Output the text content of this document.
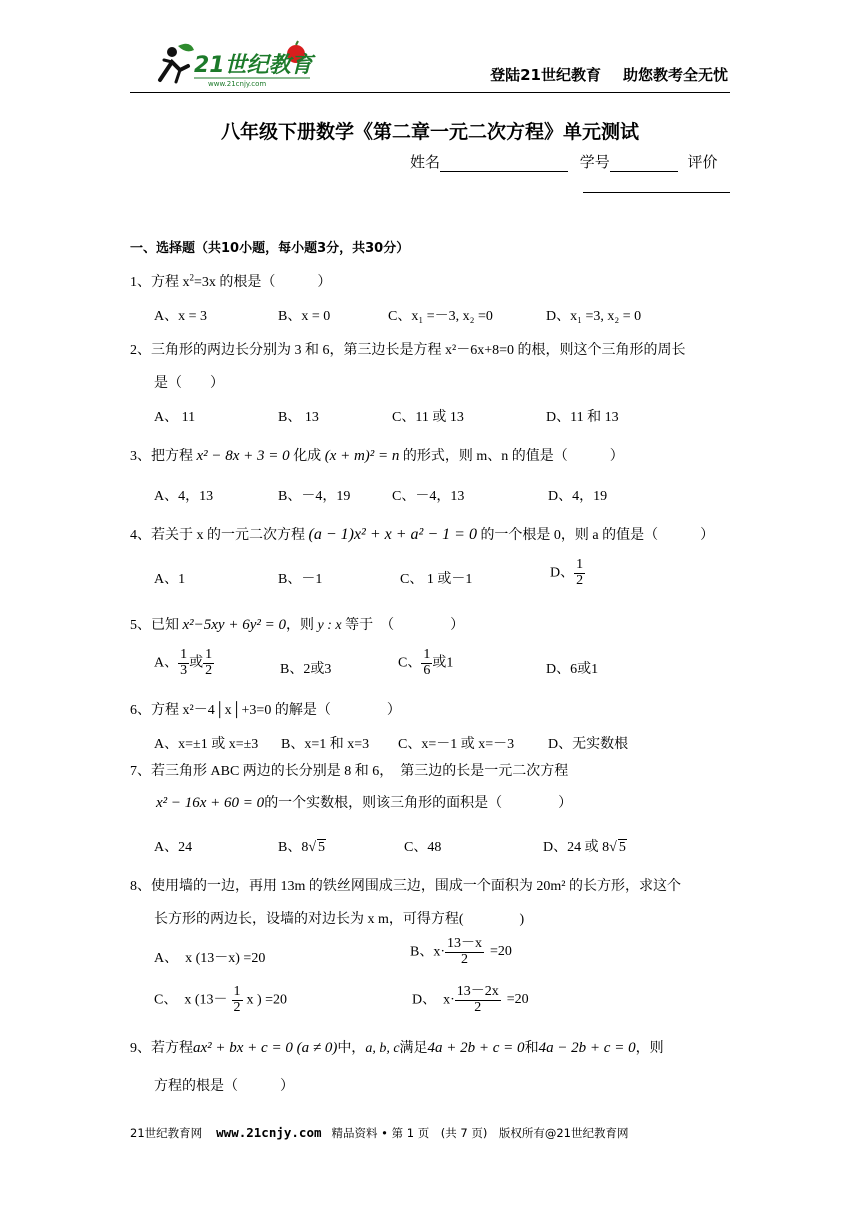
21世纪教育
www.21cnjy.com	登陆21世纪教育 助您教考全无忧
八年级下册数学《第二章一元二次方程》单元测试
姓名	学号	评价
一、选择题（共10小题，每小题3分，共30分）
1、方程 $x^2=3x$ 的根是（　　　）
A、x = 3	B、x = 0	C、x₁ =－3, x₂ =0	D、x₁ =3, x₂ = 0
2、三角形的两边长分别为 3 和 6，第三边长是方程 x²－6x+8=0 的根，则这个三角形的周长
是（　　）
A、 11	B、 13	C、11 或 13	D、11 和 13
3、把方程 x² − 8x + 3 = 0 化成 (x + m)² = n 的形式，则 m、n 的值是（　　　）
A、4，13	B、－4，19	C、－4，13	D、4，19
4、若关于 x 的一元二次方程 (a − 1)x² + x + a² − 1 = 0 的一个根是 0，则 a 的值是（　　　）
A、1	B、－1	C、 1 或－1	D、 $\frac{1}{2}$
5、已知 x²−5xy + 6y² = 0，则 y : x 等于　（　　　　）
A、 $\frac{1}{3}$ 或 $\frac{1}{2}$	B、2或3	C、 $\frac{1}{6}$ 或1	D、6或1
6、方程 x²－4│x│+3=0 的解是（　　　　）
A、x=±1 或 x=±3 B、x=1 和 x=3 C、x=－1 或 x=－3 D、无实数根
7、若三角形 ABC 两边的长分别是 8 和 6，　第三边的长是一元二次方程
x² − 16x + 60 = 0的一个实数根，则该三角形的面积是（　　　　）
A、24	B、8√ 5	C、48	D、24 或 8√ 5
8、使用墙的一边，再用 13m 的铁丝网围成三边，围成一个面积为 20m² 的长方形，求这个
长方形的两边长，设墙的对边长为 x m，可得方程(　　　　)
A、　x (13－x) =20	B、$x\cdot \frac{13-x}{2} =20$
C、　x ($13- \frac{1}{2}$ x ) =20	D、　$x\cdot \frac{13-2x}{2} =20$
9、若方程ax² + bx + c = 0 (a ≠ 0)中，a, b, c满足4a + 2b + c = 0和4a − 2b + c = 0，则
方程的根是（　　　）
21世纪教育网 www.21cnjy.com 精品资料 • 第 1 页　(共 7 页)　版权所有@21世纪教育网
